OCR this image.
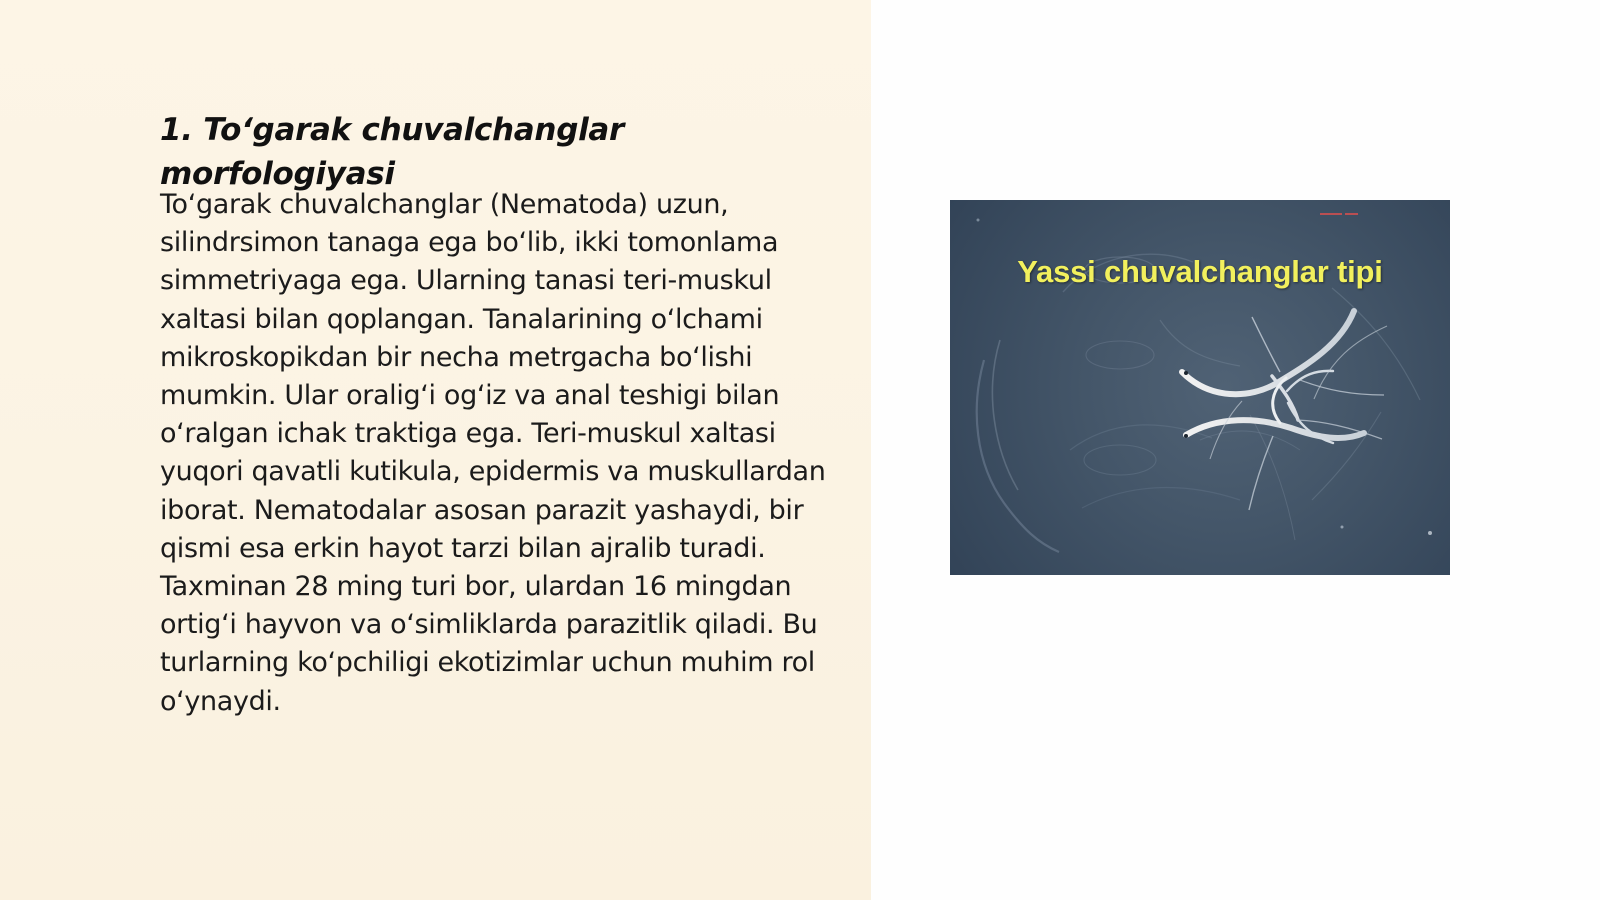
1. To‘garak chuvalchanglar morfologiyasi

To‘garak chuvalchanglar (Nematoda) uzun, silindrsimon tanaga ega bo‘lib, ikki tomonlama simmetriyaga ega. Ularning tanasi teri-muskul xaltasi bilan qoplangan. Tanalarining o‘lchami mikroskopikdan bir necha metrgacha bo‘lishi mumkin. Ular oralig‘i og‘iz va anal teshigi bilan o‘ralgan ichak traktiga ega. Teri-muskul xaltasi yuqori qavatli kutikula, epidermis va muskullardan iborat. Nematodalar asosan parazit yashaydi, bir qismi esa erkin hayot tarzi bilan ajralib turadi. Taxminan 28 ming turi bor, ulardan 16 mingdan ortig‘i hayvon va o‘simliklarda parazitlik qiladi. Bu turlarning ko‘pchiligi ekotizimlar uchun muhim rol o‘ynaydi.

Yassi chuvalchanglar tipi
